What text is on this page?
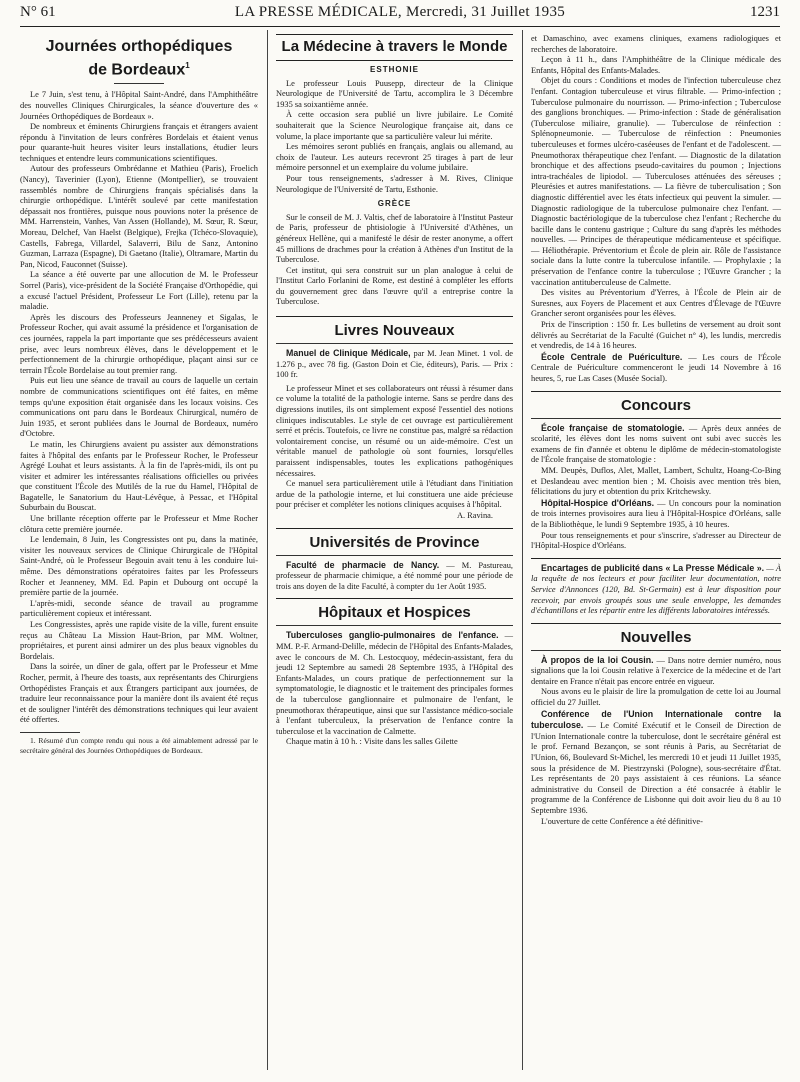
N° 61	LA PRESSE MÉDICALE, Mercredi, 31 Juillet 1935	1231

Journées orthopédiques

de Bordeaux$^1$

Le 7 Juin, s'est tenu, à l'Hôpital Saint-André, dans l'Amphithéâtre des nouvelles Cliniques Chirurgicales, la séance d'ouverture des « Journées Orthopédiques de Bordeaux ».

De nombreux et éminents Chirurgiens français et étrangers avaient répondu à l'invitation de leurs confrères Bordelais et étaient venus pour quarante-huit heures visiter leurs installations, étudier leurs techniques et entendre leurs communications scientifiques.

Autour des professeurs Ombrédanne et Mathieu (Paris), Froelich (Nancy), Taverinier (Lyon), Etienne (Montpellier), se trouvaient rassemblés nombre de Chirurgiens français spécialisés dans la chirurgie orthopédique. L'intérêt soulevé par cette manifestation dépassait nos frontières, puisque nous pouvions noter la présence de MM. Harrenstein, Vanhes, Van Assen (Hollande), M. Sœur, R. Sœur, Moreau, Delchef, Van Haelst (Belgique), Frejka (Tchéco-Slovaquie), Castells, Fabrega, Villardel, Salaverri, Bilu de Sanz, Antonino Guzman, Larraza (Espagne), Di Gaetano (Italie), Oltramare, Martin du Pan, Nicod, Fauconnet (Suisse).

La séance a été ouverte par une allocution de M. le Professeur Sorrel (Paris), vice-président de la Société Française d'Orthopédie, qui a excusé l'actuel Président, Professeur Le Fort (Lille), retenu par la maladie.

Après les discours des Professeurs Jeanneney et Sigalas, le Professeur Rocher, qui avait assumé la présidence et l'organisation de ces journées, rappela la part importante que ses prédécesseurs avaient prise, avec leurs nombreux élèves, dans le développement et le perfectionnement de la chirurgie orthopédique, plaçant ainsi sur ce terrain l'École Bordelaise au tout premier rang.

Puis eut lieu une séance de travail au cours de laquelle un certain nombre de communications scientifiques ont été faites, en même temps qu'une exposition était organisée dans les locaux voisins. Ces communications ont paru dans le Bordeaux Chirurgical, numéro de Juin 1935, et seront publiées dans le Journal de Bordeaux, numéro d'Octobre.

Le matin, les Chirurgiens avaient pu assister aux démonstrations faites à l'hôpital des enfants par le Professeur Rocher, le Professeur Agrégé Louhat et leurs assistants. À la fin de l'après-midi, ils ont pu visiter et admirer les intéressantes réalisations officielles ou privées que constituent l'École des Mutilés de la rue du Hamel, l'Hôpital de Bagatelle, le Sanatorium du Haut-Lévêque, à Pessac, et l'Hôpital Suburbain du Bouscat.

Une brillante réception offerte par le Professeur et Mme Rocher clôtura cette première journée.

Le lendemain, 8 Juin, les Congressistes ont pu, dans la matinée, visiter les nouveaux services de Clinique Chirurgicale de l'Hôpital Saint-André, où le Professeur Begouin avait tenu à les conduire lui-même. Des démonstrations opératoires faites par les Professeurs Rocher et Jeanneney, MM. Ed. Papin et Dubourg ont occupé la première partie de la journée.

L'après-midi, seconde séance de travail au programme particulièrement copieux et intéressant.

Les Congressistes, après une rapide visite de la ville, furent ensuite reçus au Château La Mission Haut-Brion, par MM. Woltner, propriétaires, et purent ainsi admirer un des plus beaux vignobles du Bordelais.

Dans la soirée, un dîner de gala, offert par le Professeur et Mme Rocher, permit, à l'heure des toasts, aux représentants des Chirurgiens Orthopédistes Français et aux Étrangers participant aux journées, de traduire leur reconnaissance pour la manière dont ils avaient été reçus et de souligner l'intérêt des démonstrations techniques qui leur avaient été offertes.

1. Résumé d'un compte rendu qui nous a été aimablement adressé par le secrétaire général des Journées Orthopédiques de Bordeaux.

La Médecine à travers le Monde

ESTHONIE

Le professeur Louis Puusepp, directeur de la Clinique Neurologique de l'Université de Tartu, accomplira le 3 Décembre 1935 sa soixantième année.

À cette occasion sera publié un livre jubilaire. Le Comité souhaiterait que la Science Neurologique française ait, dans ce volume, la place importante que sa particulière valeur lui mérite.

Les mémoires seront publiés en français, anglais ou allemand, au choix de l'auteur. Les auteurs recevront 25 tirages à part de leur mémoire personnel et un exemplaire du volume jubilaire.

Pour tous renseignements, s'adresser à M. Rives, Clinique Neurologique de l'Université de Tartu, Esthonie.

GRÈCE

Sur le conseil de M. J. Valtis, chef de laboratoire à l'Institut Pasteur de Paris, professeur de phtisiologie à l'Université d'Athènes, un généreux Hellène, qui a manifesté le désir de rester anonyme, a offert 45 millions de drachmes pour la création à Athènes d'un Institut de la Tuberculose.

Cet institut, qui sera construit sur un plan analogue à celui de l'Institut Carlo Forlanini de Rome, est destiné à compléter les efforts du gouvernement grec dans l'œuvre qu'il a entreprise contre la Tuberculose.

Livres Nouveaux

Manuel de Clinique Médicale, par M. Jean Minet. 1 vol. de 1.276 p., avec 78 fig. (Gaston Doin et Cie, éditeurs), Paris. — Prix : 100 fr.

Le professeur Minet et ses collaborateurs ont réussi à résumer dans ce volume la totalité de la pathologie interne. Sans se perdre dans des digressions inutiles, ils ont simplement exposé l'essentiel des notions cliniques indiscutables. Le style de cet ouvrage est particulièrement serré et précis. Toutefois, ce livre ne constitue pas, malgré sa rédaction volontairement concise, un résumé ou un aide-mémoire. C'est un véritable manuel de pathologie où sont fournies, lorsqu'elles paraissent indispensables, toutes les explications pathogéniques nécessaires.

Ce manuel sera particulièrement utile à l'étudiant dans l'initiation ardue de la pathologie interne, et lui constituera une aide précieuse pour préciser et compléter les notions cliniques acquises à l'hôpital.

A. Ravina.

Universités de Province

Faculté de pharmacie de Nancy. — M. Pastureau, professeur de pharmacie chimique, a été nommé pour une période de trois ans doyen de la dite Faculté, à compter du 1er Août 1935.

Hôpitaux et Hospices

Tuberculoses ganglio-pulmonaires de l'enfance. — MM. P.-F. Armand-Delille, médecin de l'Hôpital des Enfants-Malades, avec le concours de M. Ch. Lestocquoy, médecin-assistant, fera du jeudi 12 Septembre au samedi 28 Septembre 1935, à l'Hôpital des Enfants-Malades, un cours pratique de perfectionnement sur la symptomatologie, le diagnostic et le traitement des principales formes de la tuberculose ganglionnaire et pulmonaire de l'enfant, le pneumothorax thérapeutique, ainsi que sur l'assistance médico-sociale à l'enfant tuberculeux, la préservation de l'enfance contre la tuberculose et la vaccination de Calmette.

Chaque matin à 10 h. : Visite dans les salles Gilette

et Damaschino, avec examens cliniques, examens radiologiques et recherches de laboratoire.

Leçon à 11 h., dans l'Amphithéâtre de la Clinique médicale des Enfants, Hôpital des Enfants-Malades.

Objet du cours : Conditions et modes de l'infection tuberculeuse chez l'enfant. Contagion tuberculeuse et virus filtrable. — Primo-infection ; Tuberculose pulmonaire du nourrisson. — Primo-infection ; Tuberculose des ganglions bronchiques. — Primo-infection : Stade de généralisation (Tuberculose miliaire, granulie). — Tuberculose de réinfection : Splénopneumonie. — Tuberculose de réinfection : Pneumonies tuberculeuses et formes ulcéro-caséeuses de l'enfant et de l'adolescent. — Pneumothorax thérapeutique chez l'enfant. — Diagnostic de la dilatation bronchique et des affections pseudo-cavitaires du poumon ; Injections intra-trachéales de lipiodol. — Tuberculoses atténuées des séreuses ; Pleurésies et autres manifestations. — La fièvre de tuberculisation ; Son diagnostic différentiel avec les états infectieux qui peuvent la simuler. — Diagnostic radiologique de la tuberculose pulmonaire chez l'enfant. — Diagnostic bactériologique de la tuberculose chez l'enfant ; Recherche du bacille dans le contenu gastrique ; Culture du sang d'après les méthodes nouvelles. — Principes de thérapeutique médicamenteuse et spécifique. — Héliothérapie. Préventorium et École de plein air. Rôle de l'assistance sociale dans la lutte contre la tuberculose infantile. — Prophylaxie ; la préservation de l'enfance contre la tuberculose ; l'Œuvre Grancher ; la vaccination antituberculeuse de Calmette.

Des visites au Préventorium d'Yerres, à l'École de Plein air de Suresnes, aux Foyers de Placement et aux Centres d'Élevage de l'Œuvre Grancher seront organisées pour les élèves.

Prix de l'inscription : 150 fr. Les bulletins de versement au droit sont délivrés au Secrétariat de la Faculté (Guichet n° 4), les lundis, mercredis et vendredis, de 14 à 16 heures.

École Centrale de Puériculture. — Les cours de l'École Centrale de Puériculture commenceront le jeudi 14 Novembre à 16 heures, 5, rue Las Cases (Musée Social).

Concours

École française de stomatologie. — Après deux années de scolarité, les élèves dont les noms suivent ont subi avec succès les examens de fin d'année et obtenu le diplôme de médecin-stomatologiste de l'École française de stomatologie :

MM. Deupès, Duflos, Alet, Mallet, Lambert, Schultz, Hoang-Co-Bing et Deslandeau avec mention bien ; M. Choisis avec mention très bien, félicitations du jury et obtention du prix Kritchewsky.

Hôpital-Hospice d'Orléans. — Un concours pour la nomination de trois internes provisoires aura lieu à l'Hôpital-Hospice d'Orléans, salle de la Bibliothèque, le lundi 9 Septembre 1935, à 10 heures.

Pour tous renseignements et pour s'inscrire, s'adresser au Directeur de l'Hôpital-Hospice d'Orléans.

Encartages de publicité dans « La Presse Médicale ». — À la requête de nos lecteurs et pour faciliter leur documentation, notre Service d'Annonces (120, Bd. St-Germain) est à leur disposition pour recevoir, par envois groupés sous une seule enveloppe, les demandes d'échantillons et les répartir entre les différents laboratoires intéressés.

Nouvelles

À propos de la loi Cousin. — Dans notre dernier numéro, nous signalions que la loi Cousin relative à l'exercice de la médecine et de l'art dentaire en France n'était pas encore entrée en vigueur.

Nous avons eu le plaisir de lire la promulgation de cette loi au Journal officiel du 27 Juillet.

Conférence de l'Union Internationale contre la tuberculose. — Le Comité Exécutif et le Conseil de Direction de l'Union Internationale contre la tuberculose, dont le secrétaire général est le prof. Fernand Bezançon, se sont réunis à Paris, au Secrétariat de l'Union, 66, Boulevard St-Michel, les mercredi 10 et jeudi 11 Juillet 1935, sous la présidence de M. Piestrzynski (Pologne), sous-secrétaire d'État. Les représentants de 20 pays assistaient à ces réunions. La séance administrative du Conseil de Direction a été consacrée à établir le programme de la Conférence de Lisbonne qui doit avoir lieu du 8 au 10 Septembre 1936.

L'ouverture de cette Conférence a été définitive-
